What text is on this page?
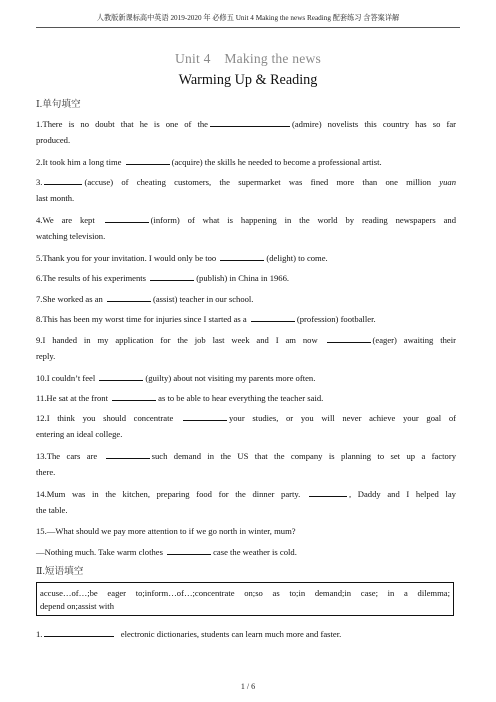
人教版新课标高中英语 2019-2020 年 必修五 Unit 4 Making the news Reading 配套练习 含答案详解
Unit 4　Making the news
Warming Up & Reading
Ⅰ.单句填空
1.There is no doubt that he is one of the	(admire) novelists this country has so far
produced.
2.It took him a long time	(acquire) the skills he needed to become a professional artist.
3.	(accuse) of cheating customers, the supermarket was fined more than one million yuan
last month.
4.We are kept	(inform) of what is happening in the world by reading newspapers and
watching television.
5.Thank you for your invitation. I would only be too	(delight) to come.
6.The results of his experiments	(publish) in China in 1966.
7.She worked as an	(assist) teacher in our school.
8.This has been my worst time for injuries since I started as a	(profession) footballer.
9.I handed in my application for the job last week and I am now	(eager) awaiting their
reply.
10.I couldn’t feel	(guilty) about not visiting my parents more often.
11.He sat at the front	as to be able to hear everything the teacher said.
12.I think you should concentrate	your studies, or you will never achieve your goal of
entering an ideal college.
13.The cars are	such demand in the US that the company is planning to set up a factory
there.
14.Mum was in the kitchen, preparing food for the dinner party.	, Daddy and I helped lay
the table.
15.—What should we pay more attention to if we go north in winter, mum?
—Nothing much. Take warm clothes	case the weather is cold.
Ⅱ.短语填空
accuse…of…;be eager to;inform…of…;concentrate on;so as to;in demand;in case; in a dilemma;
depend on;assist with
1.	electronic dictionaries, students can learn much more and faster.
1 / 6
